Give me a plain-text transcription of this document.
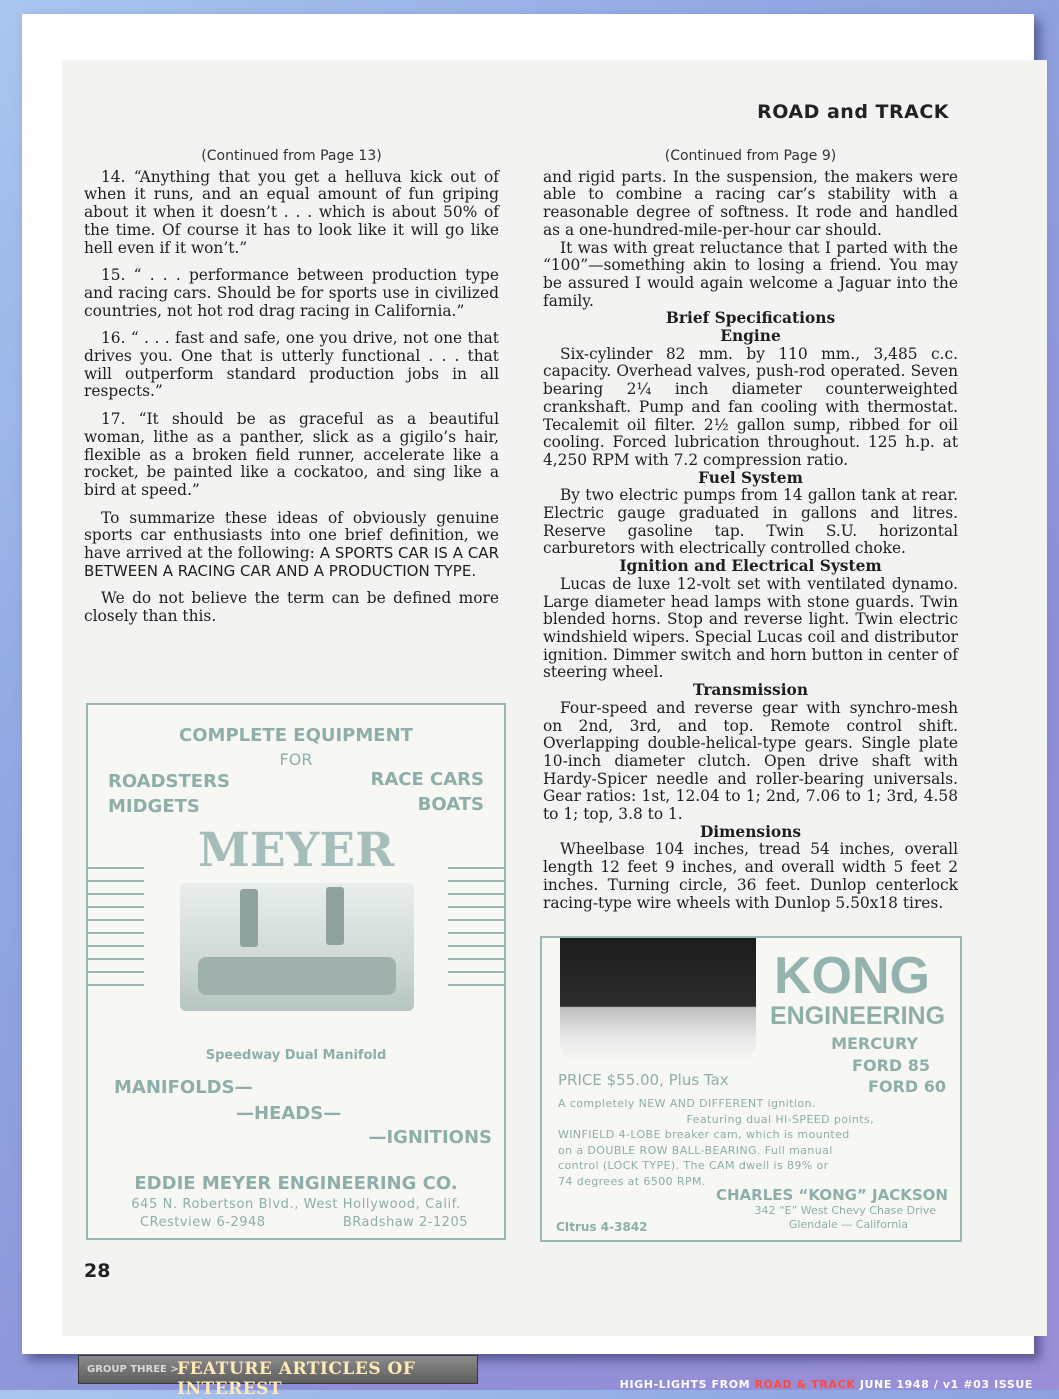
ROAD and TRACK

(Continued from Page 13)

14. “Anything that you get a helluva kick out of when it runs, and an equal amount of fun griping about it when it doesn’t . . . which is about 50% of the time. Of course it has to look like it will go like hell even if it won’t.”

15. “ . . . performance between production type and racing cars. Should be for sports use in civilized countries, not hot rod drag racing in California.”

16. “ . . . fast and safe, one you drive, not one that drives you. One that is utterly functional . . . that will outperform standard production jobs in all respects.”

17. “It should be as graceful as a beautiful woman, lithe as a panther, slick as a gigilo’s hair, flexible as a broken field runner, accelerate like a rocket, be painted like a cockatoo, and sing like a bird at speed.”

To summarize these ideas of obviously genuine sports car enthusiasts into one brief definition, we have arrived at the following: A SPORTS CAR IS A CAR BETWEEN A RACING CAR AND A PRODUCTION TYPE.

We do not believe the term can be defined more closely than this.

(Continued from Page 9)

and rigid parts. In the suspension, the makers were able to combine a racing car’s stability with a reasonable degree of softness. It rode and handled as a one-hundred-mile-per-hour car should.

It was with great reluctance that I parted with the “100”—something akin to losing a friend. You may be assured I would again welcome a Jaguar into the family.

Brief Specifications

Engine

Six-cylinder 82 mm. by 110 mm., 3,485 c.c. capacity. Overhead valves, push-rod operated. Seven bearing 2¼ inch diameter counterweighted crankshaft. Pump and fan cooling with thermostat. Tecalemit oil filter. 2½ gallon sump, ribbed for oil cooling. Forced lubrication throughout. 125 h.p. at 4,250 RPM with 7.2 compression ratio.

Fuel System

By two electric pumps from 14 gallon tank at rear. Electric gauge graduated in gallons and litres. Reserve gasoline tap. Twin S.U. horizontal carburetors with electrically controlled choke.

Ignition and Electrical System

Lucas de luxe 12-volt set with ventilated dynamo. Large diameter head lamps with stone guards. Twin blended horns. Stop and reverse light. Twin electric windshield wipers. Special Lucas coil and distributor ignition. Dimmer switch and horn button in center of steering wheel.

Transmission

Four-speed and reverse gear with synchro-mesh on 2nd, 3rd, and top. Remote control shift. Overlapping double-helical-type gears. Single plate 10-inch diameter clutch. Open drive shaft with Hardy-Spicer needle and roller-bearing universals. Gear ratios: 1st, 12.04 to 1; 2nd, 7.06 to 1; 3rd, 4.58 to 1; top, 3.8 to 1.

Dimensions

Wheelbase 104 inches, tread 54 inches, overall length 12 feet 9 inches, and overall width 5 feet 2 inches. Turning circle, 36 feet. Dunlop centerlock racing-type wire wheels with Dunlop 5.50x18 tires.

COMPLETE EQUIPMENT
FOR
ROADSTERS	RACE CARS
MIDGETS	BOATS
MEYER
Speedway Dual Manifold
MANIFOLDS—
—HEADS—
—IGNITIONS
EDDIE MEYER ENGINEERING CO.
645 N. Robertson Blvd., West Hollywood, Calif.
CRestview 6-2948	BRadshaw 2-1205
KONG
ENGINEERING
MERCURY
FORD 85
FORD 60
PRICE $55.00, Plus Tax
A completely NEW AND DIFFERENT ignition.
Featuring dual HI-SPEED points,
WINFIELD 4-LOBE breaker cam, which is mounted
on a DOUBLE ROW BALL-BEARING. Full manual
control (LOCK TYPE). The CAM dwell is 89% or
74 degrees at 6500 RPM.
CHARLES “KONG” JACKSON
342 “E” West Chevy Chase Drive
Glendale — California
CItrus 4-3842
28
GROUP THREE >
FEATURE ARTICLES OF INTEREST	HIGH-LIGHTS FROM ROAD & TRACK JUNE 1948 / v1 #03 ISSUE
